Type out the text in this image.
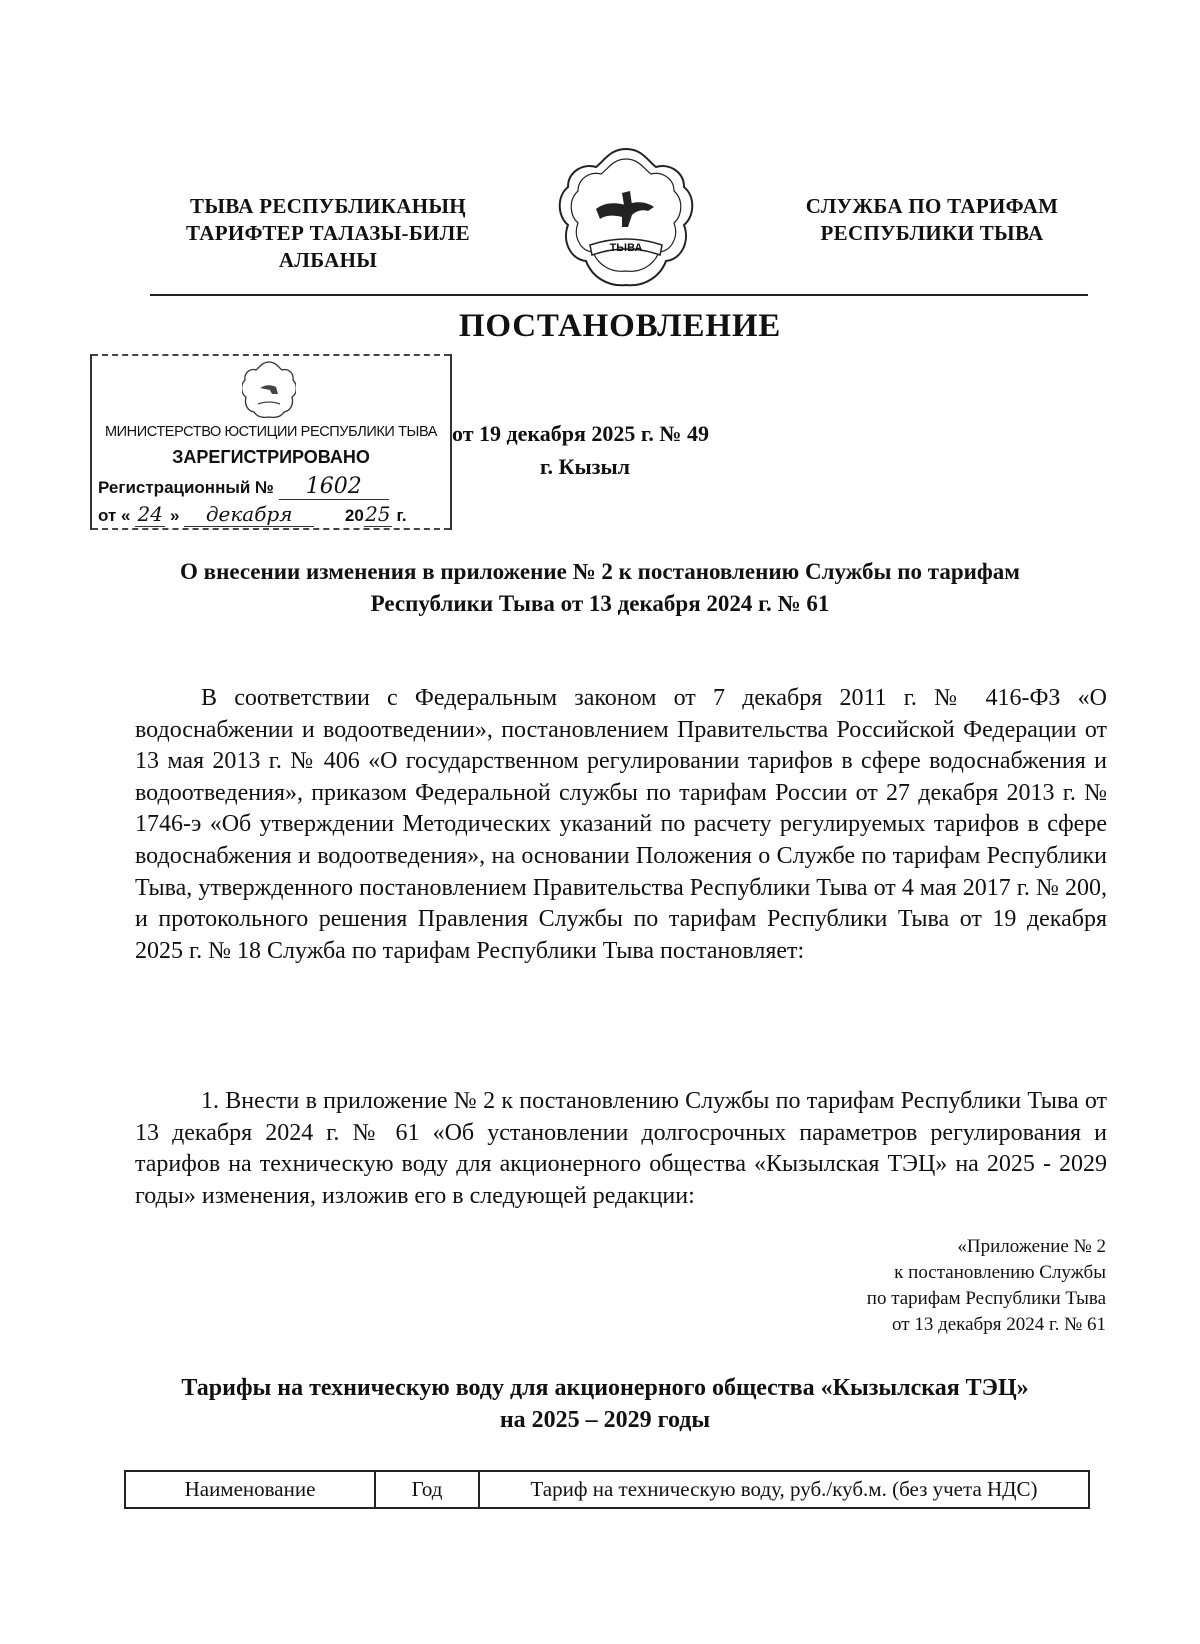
ТЫВА РЕСПУБЛИКАНЫҢ
ТАРИФТЕР ТАЛАЗЫ-БИЛЕ
АЛБАНЫ	ТЫВА
СЛУЖБА ПО ТАРИФАМ
РЕСПУБЛИКИ ТЫВА
ПОСТАНОВЛЕНИЕ
МИНИСТЕРСТВО ЮСТИЦИИ РЕСПУБЛИКИ ТЫВА
ЗАРЕГИСТРИРОВАНО
Регистрационный № 1602
от « 24 » декабря	2025 г.
от 19 декабря 2025 г. № 49
г. Кызыл
О внесении изменения в приложение № 2 к постановлению Службы по тарифам Республики Тыва от 13 декабря 2024 г. № 61
В соответствии с Федеральным законом от 7 декабря 2011 г. № 416-ФЗ «О водоснабжении и водоотведении», постановлением Правительства Российской Федерации от 13 мая 2013 г. № 406 «О государственном регулировании тарифов в сфере водоснабжения и водоотведения», приказом Федеральной службы по тарифам России от 27 декабря 2013 г. № 1746-э «Об утверждении Методических указаний по расчету регулируемых тарифов в сфере водоснабжения и водоотведения», на основании Положения о Службе по тарифам Республики Тыва, утвержденного постановлением Правительства Республики Тыва от 4 мая 2017 г. № 200, и протокольного решения Правления Службы по тарифам Республики Тыва от 19 декабря 2025 г. № 18 Служба по тарифам Республики Тыва постановляет:
1. Внести в приложение № 2 к постановлению Службы по тарифам Республики Тыва от 13 декабря 2024 г. № 61 «Об установлении долгосрочных параметров регулирования и тарифов на техническую воду для акционерного общества «Кызылская ТЭЦ» на 2025 - 2029 годы» изменения, изложив его в следующей редакции:
«Приложение № 2
к постановлению Службы
по тарифам Республики Тыва
от 13 декабря 2024 г. № 61
Тарифы на техническую воду для акционерного общества «Кызылская ТЭЦ»
на 2025 – 2029 годы
Наименование	Год	Тариф на техническую воду, руб./куб.м. (без учета НДС)
